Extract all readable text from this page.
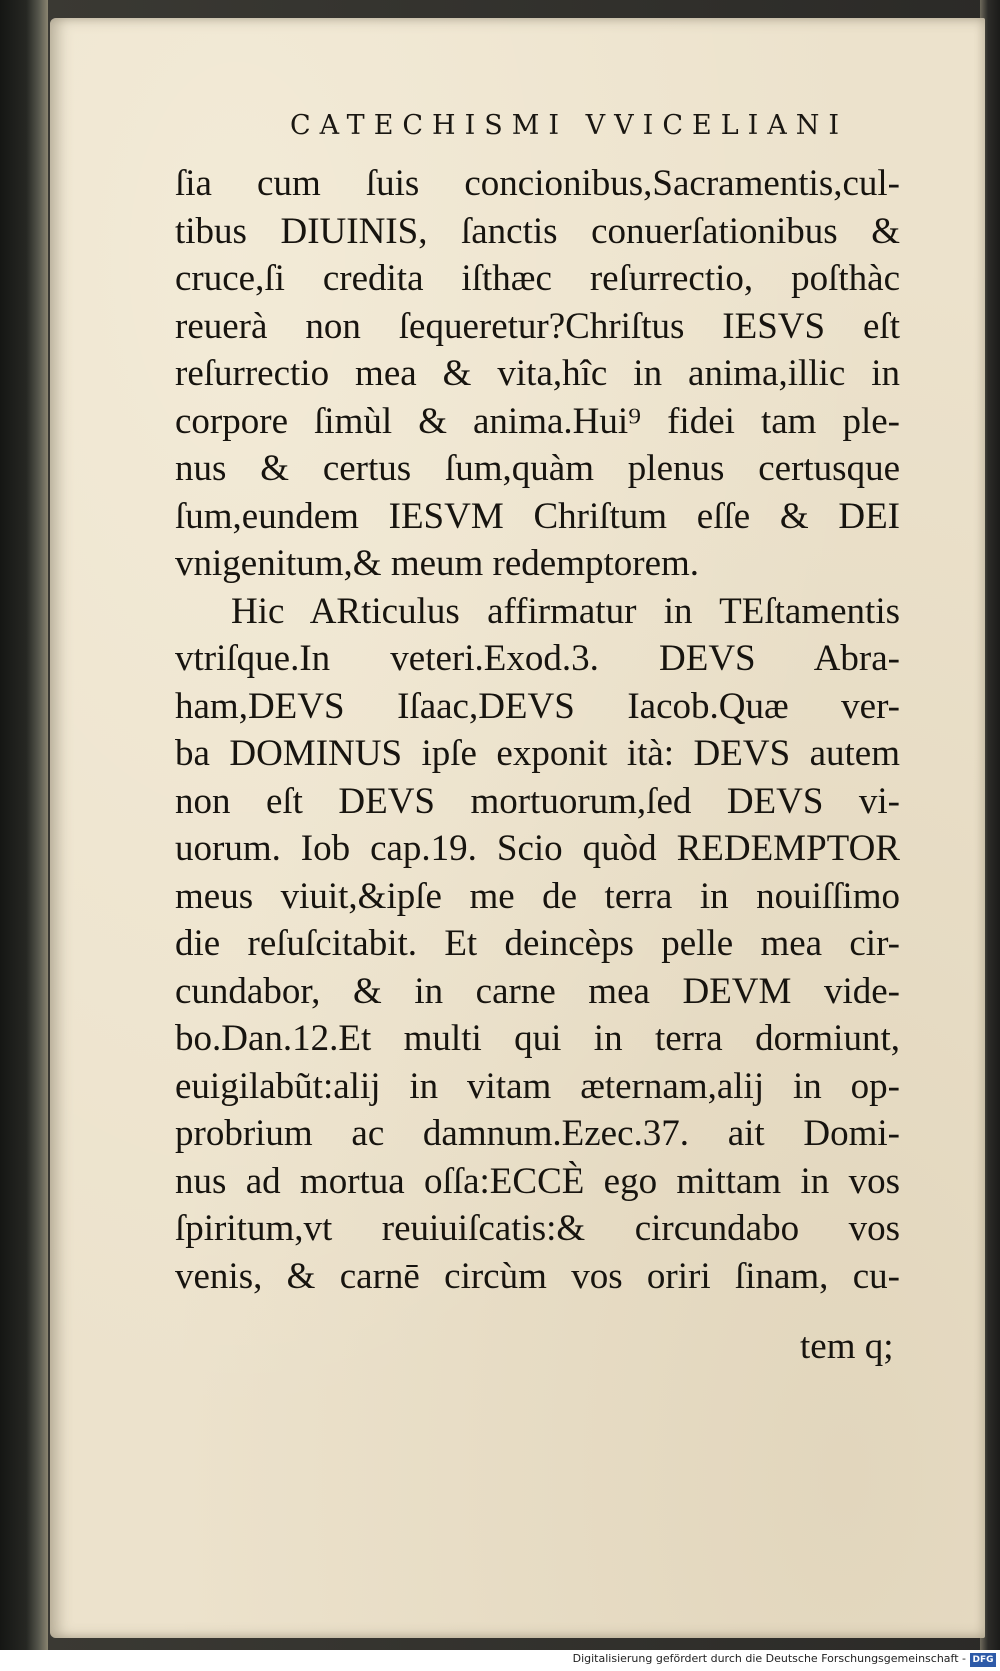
CATECHISMI VVICELIANI
ſia cum ſuis concionibus,Sacramentis,cul-
tibus DIUINIS, ſanctis conuerſationibus &
cruce,ſi credita iſthæc reſurrectio, poſthàc
reuerà non ſequeretur?Chriſtus IESVS eſt
reſurrectio mea & vita,hîc in anima,illic in
corpore ſimùl & anima.Hui⁹ fidei tam ple-
nus & certus ſum,quàm plenus certusque
ſum,eundem IESVM Chriſtum eſſe & DEI
vnigenitum,& meum redemptorem.
Hic ARticulus affirmatur in TEſtamentis
vtriſque.In veteri.Exod.3. DEVS Abra-
ham,DEVS Iſaac,DEVS Iacob.Quæ ver-
ba DOMINUS ipſe exponit ità: DEVS autem
non eſt DEVS mortuorum,ſed DEVS vi-
uorum. Iob cap.19. Scio quòd REDEMPTOR
meus viuit,&ipſe me de terra in nouiſſimo
die reſuſcitabit. Et deincèps pelle mea cir-
cundabor, & in carne mea DEVM vide-
bo.Dan.12.Et multi qui in terra dormiunt,
euigilabũt:alij in vitam æternam,alij in op-
probrium ac damnum.Ezec.37. ait Domi-
nus ad mortua oſſa:ECCÈ ego mittam in vos
ſpiritum,vt reuiuiſcatis:& circundabo vos
venis, & carnē circùm vos oriri ſinam, cu-
tem q;
Digitalisierung gefördert durch die Deutsche Forschungsgemeinschaft - DFG
